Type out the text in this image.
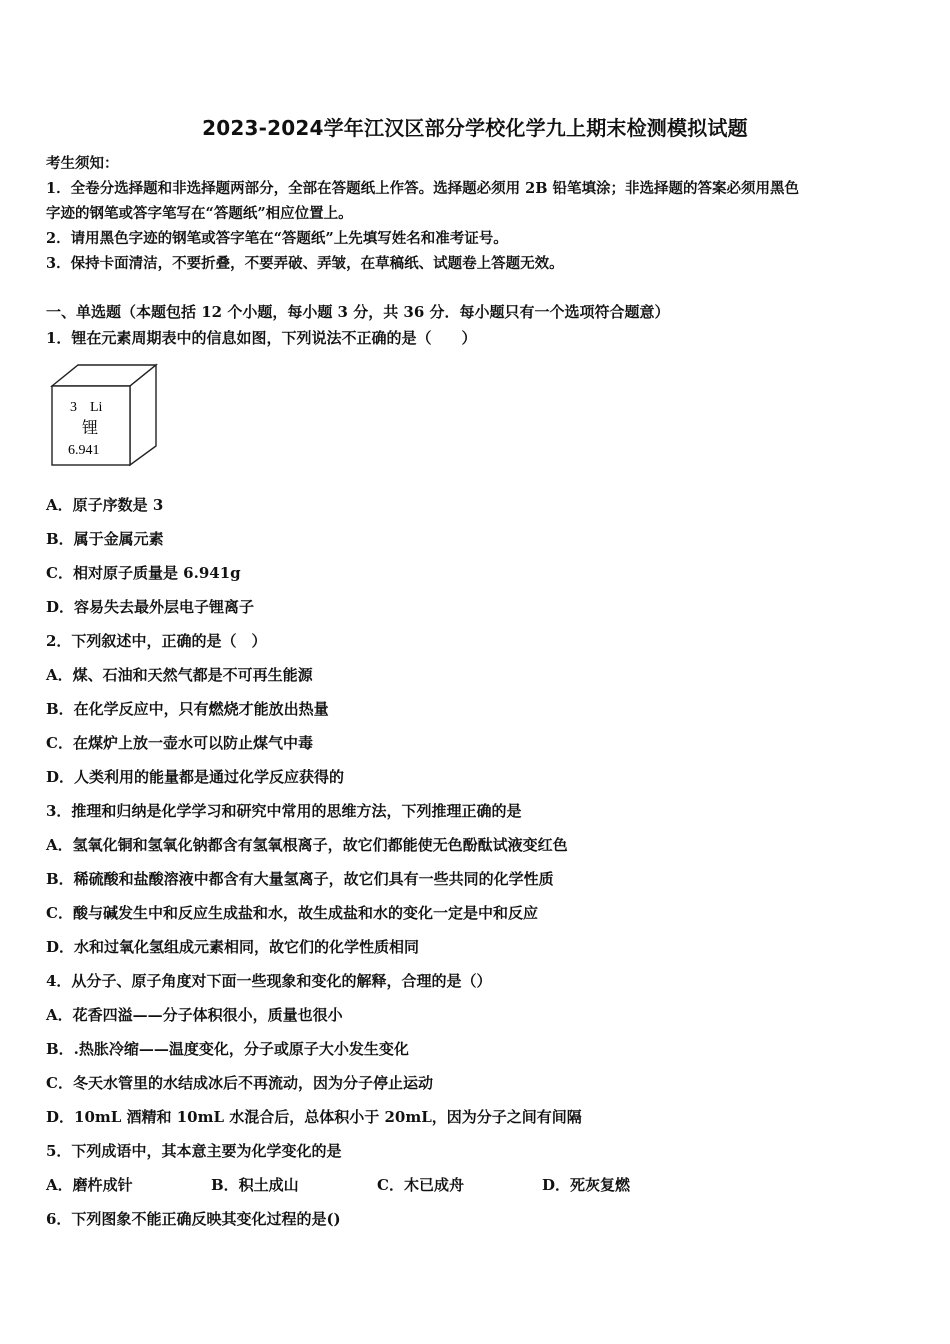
2023-2024学年江汉区部分学校化学九上期末检测模拟试题
考生须知：
1．全卷分选择题和非选择题两部分，全部在答题纸上作答。选择题必须用 2B 铅笔填涂；非选择题的答案必须用黑色
字迹的钢笔或答字笔写在“答题纸”相应位置上。
2．请用黑色字迹的钢笔或答字笔在“答题纸”上先填写姓名和准考证号。
3．保持卡面清洁，不要折叠，不要弄破、弄皱，在草稿纸、试题卷上答题无效。
一、单选题（本题包括 12 个小题，每小题 3 分，共 36 分．每小题只有一个选项符合题意）
1．锂在元素周期表中的信息如图，下列说法不正确的是（　　）
3 Li
锂
6.941
A．原子序数是 3
B．属于金属元素
C．相对原子质量是 6.941g
D．容易失去最外层电子锂离子
2．下列叙述中，正确的是（　）
A．煤、石油和天然气都是不可再生能源
B．在化学反应中，只有燃烧才能放出热量
C．在煤炉上放一壶水可以防止煤气中毒
D．人类利用的能量都是通过化学反应获得的
3．推理和归纳是化学学习和研究中常用的思维方法，下列推理正确的是
A．氢氧化铜和氢氧化钠都含有氢氧根离子，故它们都能使无色酚酞试液变红色
B．稀硫酸和盐酸溶液中都含有大量氢离子，故它们具有一些共同的化学性质
C．酸与碱发生中和反应生成盐和水，故生成盐和水的变化一定是中和反应
D．水和过氧化氢组成元素相同，故它们的化学性质相同
4．从分子、原子角度对下面一些现象和变化的解释，合理的是（）
A．花香四溢——分子体积很小，质量也很小
B．.热胀冷缩——温度变化，分子或原子大小发生变化
C．冬天水管里的水结成冰后不再流动，因为分子停止运动
D．10mL 酒精和 10mL 水混合后，总体积小于 20mL，因为分子之间有间隔
5．下列成语中，其本意主要为化学变化的是
A．磨杵成针	B．积土成山	C．木已成舟	D．死灰复燃
6．下列图象不能正确反映其变化过程的是()
